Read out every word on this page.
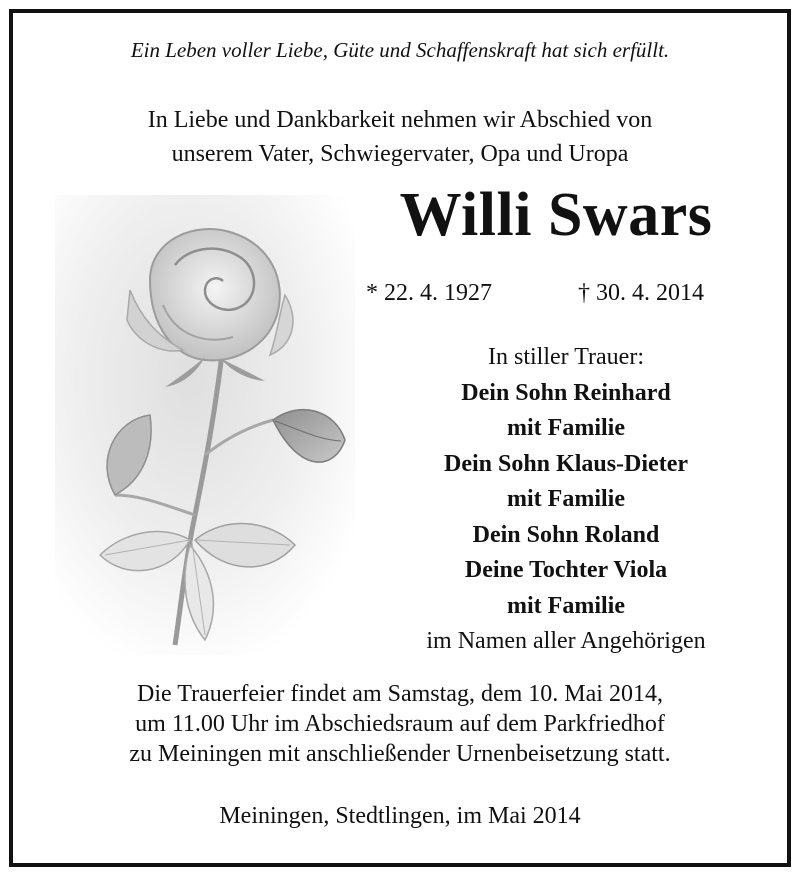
Ein Leben voller Liebe, Güte und Schaffenskraft hat sich erfüllt.
In Liebe und Dankbarkeit nehmen wir Abschied von
unserem Vater, Schwiegervater, Opa und Uropa
Willi Swars
* 22. 4. 1927	† 30. 4. 2014
In stiller Trauer:
Dein Sohn Reinhard
mit Familie
Dein Sohn Klaus-Dieter
mit Familie
Dein Sohn Roland
Deine Tochter Viola
mit Familie
im Namen aller Angehörigen
Die Trauerfeier findet am Samstag, dem 10. Mai 2014,
um 11.00 Uhr im Abschiedsraum auf dem Parkfriedhof
zu Meiningen mit anschließender Urnenbeisetzung statt.
Meiningen, Stedtlingen, im Mai 2014
